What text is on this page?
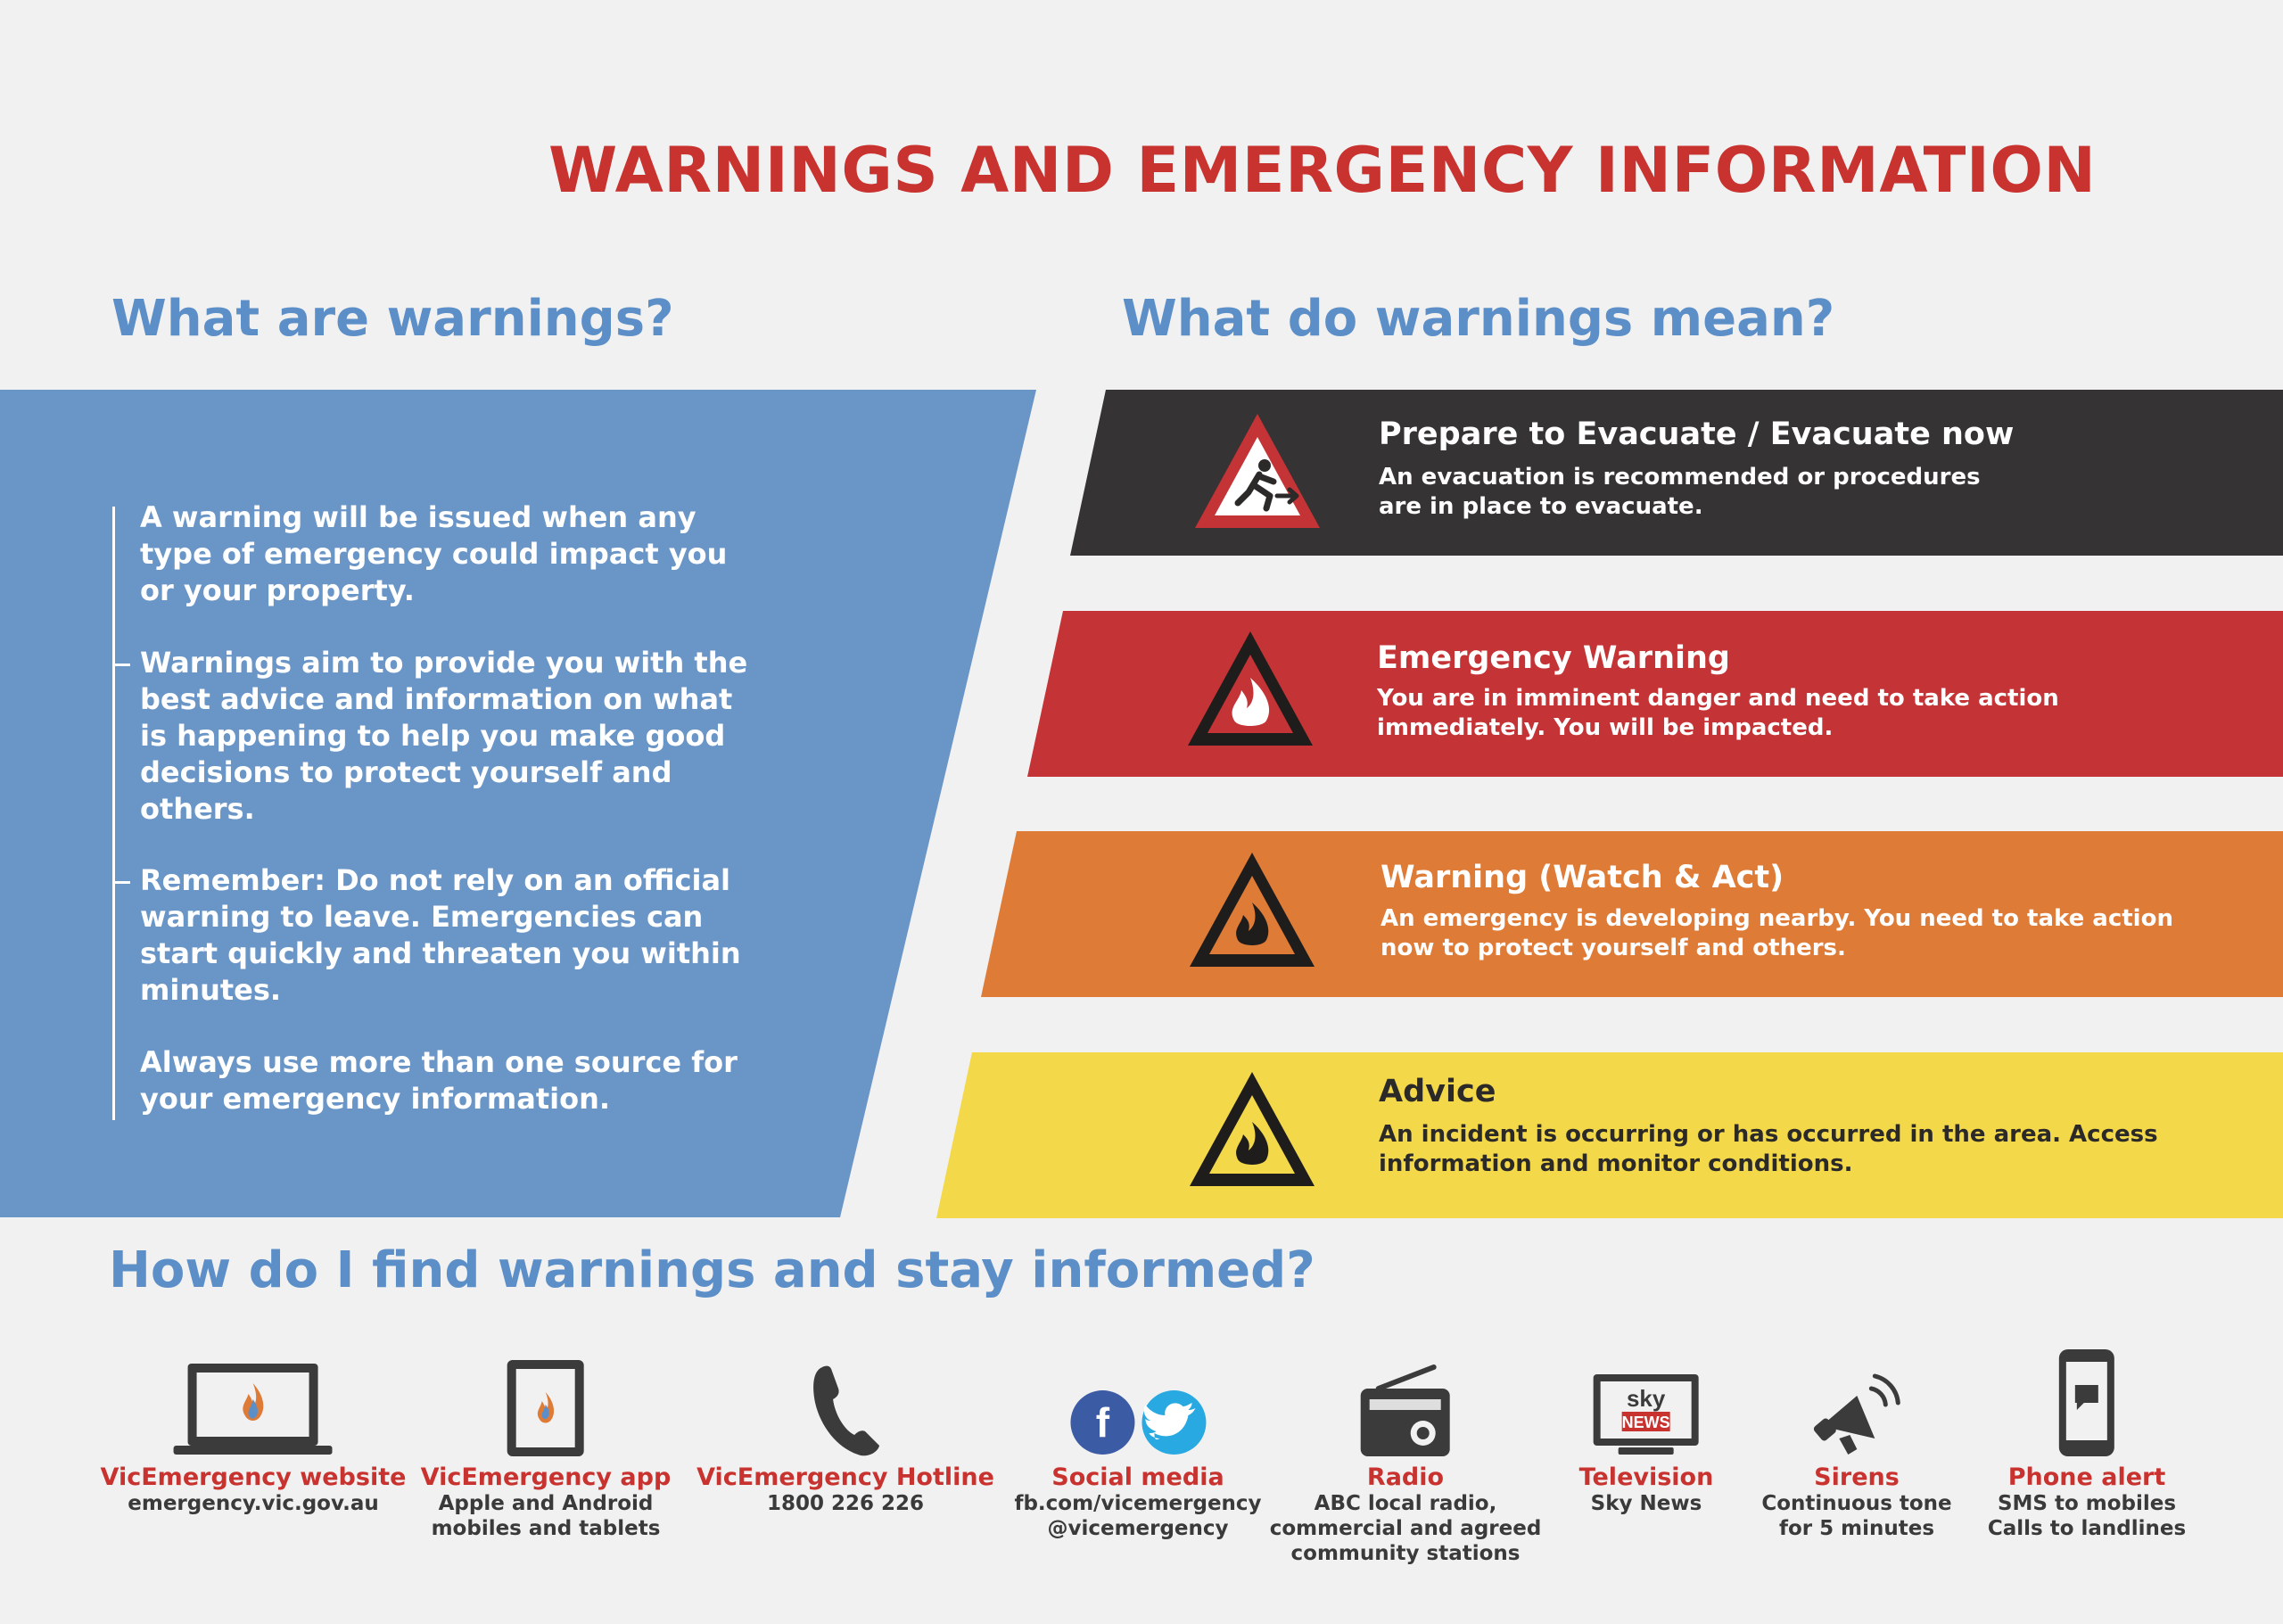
WARNINGS AND EMERGENCY INFORMATION
What are warnings?	What do warnings mean?

A warning will be issued when any type of emergency could impact you or your property.

Warnings aim to provide you with the best advice and information on what is happening to help you make good decisions to protect yourself and others.

Remember: Do not rely on an official warning to leave. Emergencies can start quickly and threaten you within minutes.

Always use more than one source for your emergency information.

Prepare to Evacuate / Evacuate now

An evacuation is recommended or procedures are in place to evacuate.

Emergency Warning

You are in imminent danger and need to take action immediately. You will be impacted.

Warning (Watch & Act)

An emergency is developing nearby. You need to take action now to protect yourself and others.

Advice

An incident is occurring or has occurred in the area. Access information and monitor conditions.

How do I find warnings and stay informed?
VicEmergency website
emergency.vic.gov.au
VicEmergency app
Apple and Android
mobiles and tablets
VicEmergency Hotline
1800 226 226
f
Social media
fb.com/vicemergency
@vicemergency
Radio
ABC local radio,
commercial and agreed
community stations
sky
NEWS
Television
Sky News
Sirens
Continuous tone
for 5 minutes
Phone alert
SMS to mobiles
Calls to landlines
